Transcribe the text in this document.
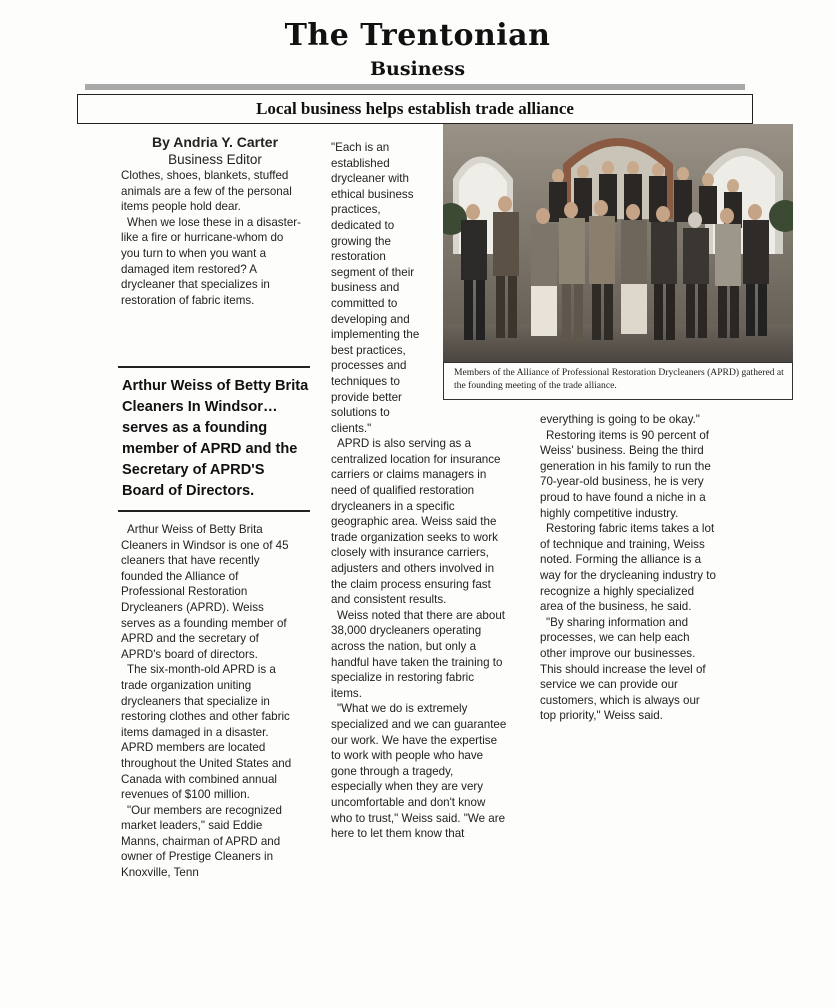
The Trentonian
Business
Local business helps establish trade alliance

By Andria Y. Carter

Business Editor

Clothes, shoes, blankets, stuffed animals are a few of the personal items people hold dear.

When we lose these in a disaster-like a fire or hurricane-whom do you turn to when you want a damaged item restored? A drycleaner that specializes in restoration of fabric items.

Arthur Weiss of Betty Brita Cleaners In Windsor…serves as a founding member of APRD and the Secretary of APRD'S Board of Directors.

Arthur Weiss of Betty Brita Cleaners in Windsor is one of 45 cleaners that have recently founded the Alliance of Professional Restoration Drycleaners (APRD). Weiss serves as a founding member of APRD and the secretary of APRD's board of directors.

The six-month-old APRD is a trade organization uniting drycleaners that specialize in restoring clothes and other fabric items damaged in a disaster. APRD members are located throughout the United States and Canada with combined annual revenues of $100 million.

"Our members are recognized market leaders," said Eddie Manns, chairman of APRD and owner of Prestige Cleaners in Knoxville, Tenn

"Each is an established drycleaner with ethical business practices, dedicated to growing the restoration segment of their business and committed to developing and implementing the best practices, processes and techniques to provide better solutions to clients."

APRD is also serving as a centralized location for insurance carriers or claims managers in need of qualified restoration drycleaners in a specific geographic area. Weiss said the trade organization seeks to work closely with insurance carriers, adjusters and others involved in the claim process ensuring fast and consistent results.

Weiss noted that there are about 38,000 drycleaners operating across the nation, but only a handful have taken the training to specialize in restoring fabric items.

"What we do is extremely specialized and we can guarantee our work. We have the expertise to work with people who have gone through a tragedy, especially when they are very uncomfortable and don't know who to trust," Weiss said. "We are here to let them know that

Members of the Alliance of Professional Restoration Drycleaners (APRD) gathered at the founding meeting of the trade alliance.

everything is going to be okay."

Restoring items is 90 percent of Weiss' business. Being the third generation in his family to run the 70-year-old business, he is very proud to have found a niche in a highly competitive industry.

Restoring fabric items takes a lot of technique and training, Weiss noted. Forming the alliance is a way for the drycleaning industry to recognize a highly specialized area of the business, he said.

"By sharing information and processes, we can help each other improve our businesses. This should increase the level of service we can provide our customers, which is always our top priority," Weiss said.
